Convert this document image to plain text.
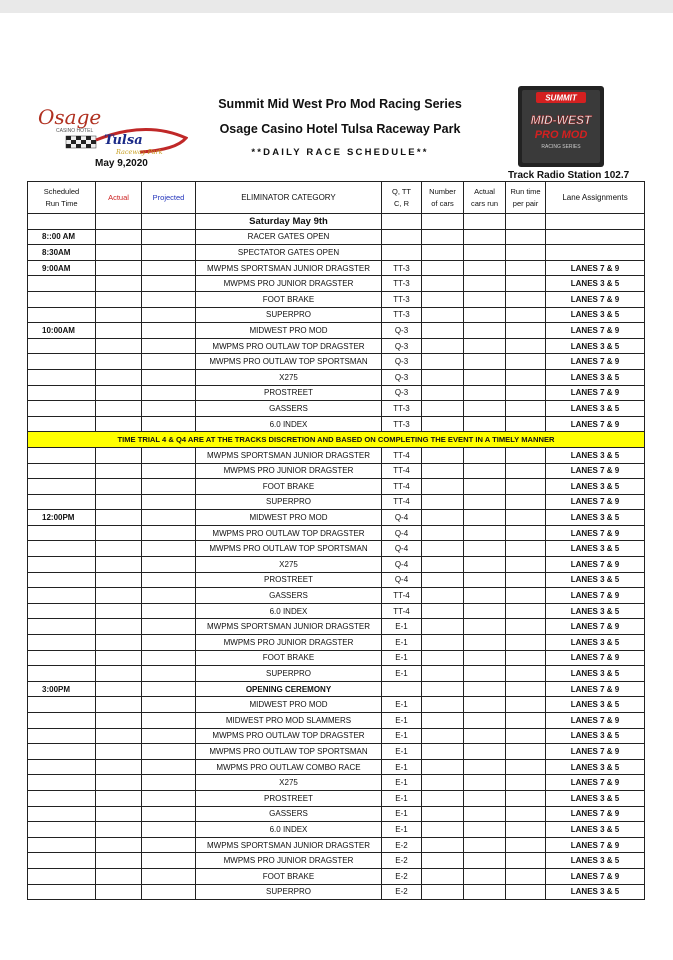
Osage
CASINO HOTEL
Tulsa
Raceway Park
Summit Mid West Pro Mod Racing Series
Osage Casino Hotel Tulsa Raceway Park
**DAILY RACE SCHEDULE**
SUMMIT
MID-WEST
PRO MOD
RACING SERIES
May 9,2020
Track Radio Station 102.7
Scheduled
Run Time	Actual	Projected	ELIMINATOR CATEGORY	Q, TT
C, R	Number
of cars	Actual
cars run	Run time
per pair	Lane Assignments
			Saturday May 9th					
8::00 AM			RACER GATES OPEN					
8:30AM			SPECTATOR GATES OPEN					
9:00AM			MWPMS SPORTSMAN JUNIOR DRAGSTER	TT-3				LANES 7 & 9
			MWPMS PRO JUNIOR DRAGSTER	TT-3				LANES 3 & 5
			FOOT BRAKE	TT-3				LANES 7 & 9
			SUPERPRO	TT-3				LANES 3 & 5
10:00AM			MIDWEST PRO MOD	Q-3				LANES 7 & 9
			MWPMS PRO OUTLAW TOP DRAGSTER	Q-3				LANES 3 & 5
			MWPMS PRO OUTLAW TOP SPORTSMAN	Q-3				LANES 7 & 9
			X275	Q-3				LANES 3 & 5
			PROSTREET	Q-3				LANES 7 & 9
			GASSERS	TT-3				LANES 3 & 5
			6.0 INDEX	TT-3				LANES 7 & 9
TIME TRIAL 4 & Q4 ARE AT THE TRACKS DISCRETION AND BASED ON COMPLETING THE EVENT IN A TIMELY MANNER								
			MWPMS SPORTSMAN JUNIOR DRAGSTER	TT-4				LANES 3 & 5
			MWPMS PRO JUNIOR DRAGSTER	TT-4				LANES 7 & 9
			FOOT BRAKE	TT-4				LANES 3 & 5
			SUPERPRO	TT-4				LANES 7 & 9
12:00PM			MIDWEST PRO MOD	Q-4				LANES 3 & 5
			MWPMS PRO OUTLAW TOP DRAGSTER	Q-4				LANES 7 & 9
			MWPMS PRO OUTLAW TOP SPORTSMAN	Q-4				LANES 3 & 5
			X275	Q-4				LANES 7 & 9
			PROSTREET	Q-4				LANES 3 & 5
			GASSERS	TT-4				LANES 7 & 9
			6.0 INDEX	TT-4				LANES 3 & 5
			MWPMS SPORTSMAN JUNIOR DRAGSTER	E-1				LANES 7 & 9
			MWPMS PRO JUNIOR DRAGSTER	E-1				LANES 3 & 5
			FOOT BRAKE	E-1				LANES 7 & 9
			SUPERPRO	E-1				LANES 3 & 5
3:00PM			OPENING CEREMONY					LANES 7 & 9
			MIDWEST PRO MOD	E-1				LANES 3 & 5
			MIDWEST PRO MOD SLAMMERS	E-1				LANES 7 & 9
			MWPMS PRO OUTLAW TOP DRAGSTER	E-1				LANES 3 & 5
			MWPMS PRO OUTLAW TOP SPORTSMAN	E-1				LANES 7 & 9
			MWPMS PRO OUTLAW COMBO RACE	E-1				LANES 3 & 5
			X275	E-1				LANES 7 & 9
			PROSTREET	E-1				LANES 3 & 5
			GASSERS	E-1				LANES 7 & 9
			6.0 INDEX	E-1				LANES 3 & 5
			MWPMS SPORTSMAN JUNIOR DRAGSTER	E-2				LANES 7 & 9
			MWPMS PRO JUNIOR DRAGSTER	E-2				LANES 3 & 5
			FOOT BRAKE	E-2				LANES 7 & 9
			SUPERPRO	E-2				LANES 3 & 5
